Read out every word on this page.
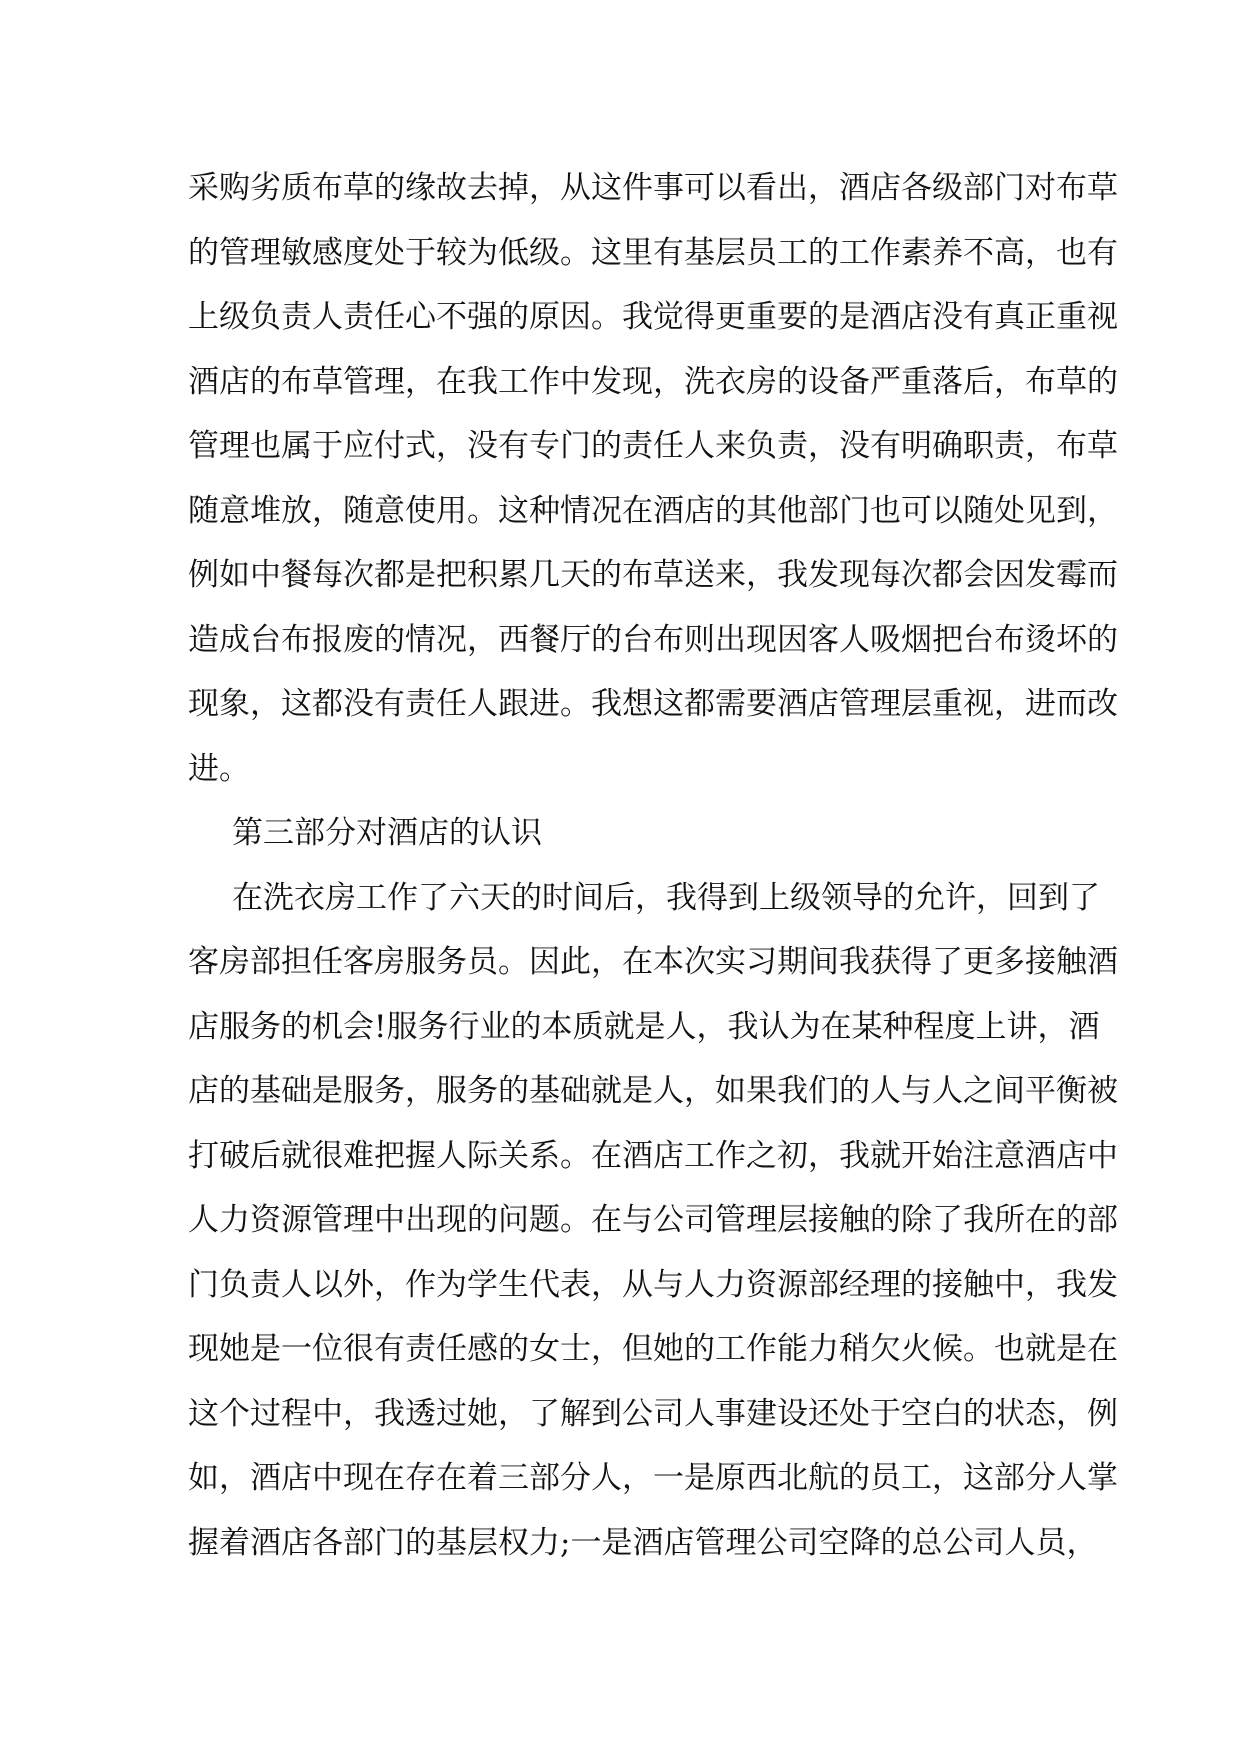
采购劣质布草的缘故去掉，从这件事可以看出，酒店各级部门对布草
的管理敏感度处于较为低级。这里有基层员工的工作素养不高，也有
上级负责人责任心不强的原因。我觉得更重要的是酒店没有真正重视
酒店的布草管理，在我工作中发现，洗衣房的设备严重落后，布草的
管理也属于应付式，没有专门的责任人来负责，没有明确职责，布草
随意堆放，随意使用。这种情况在酒店的其他部门也可以随处见到，
例如中餐每次都是把积累几天的布草送来，我发现每次都会因发霉而
造成台布报废的情况，西餐厅的台布则出现因客人吸烟把台布烫坏的
现象，这都没有责任人跟进。我想这都需要酒店管理层重视，进而改
进。
第三部分对酒店的认识
在洗衣房工作了六天的时间后，我得到上级领导的允许，回到了
客房部担任客房服务员。因此，在本次实习期间我获得了更多接触酒
店服务的机会!服务行业的本质就是人，我认为在某种程度上讲，酒
店的基础是服务，服务的基础就是人，如果我们的人与人之间平衡被
打破后就很难把握人际关系。在酒店工作之初，我就开始注意酒店中
人力资源管理中出现的问题。在与公司管理层接触的除了我所在的部
门负责人以外，作为学生代表，从与人力资源部经理的接触中，我发
现她是一位很有责任感的女士，但她的工作能力稍欠火候。也就是在
这个过程中，我透过她，了解到公司人事建设还处于空白的状态，例
如，酒店中现在存在着三部分人，一是原西北航的员工，这部分人掌
握着酒店各部门的基层权力;一是酒店管理公司空降的总公司人员，
